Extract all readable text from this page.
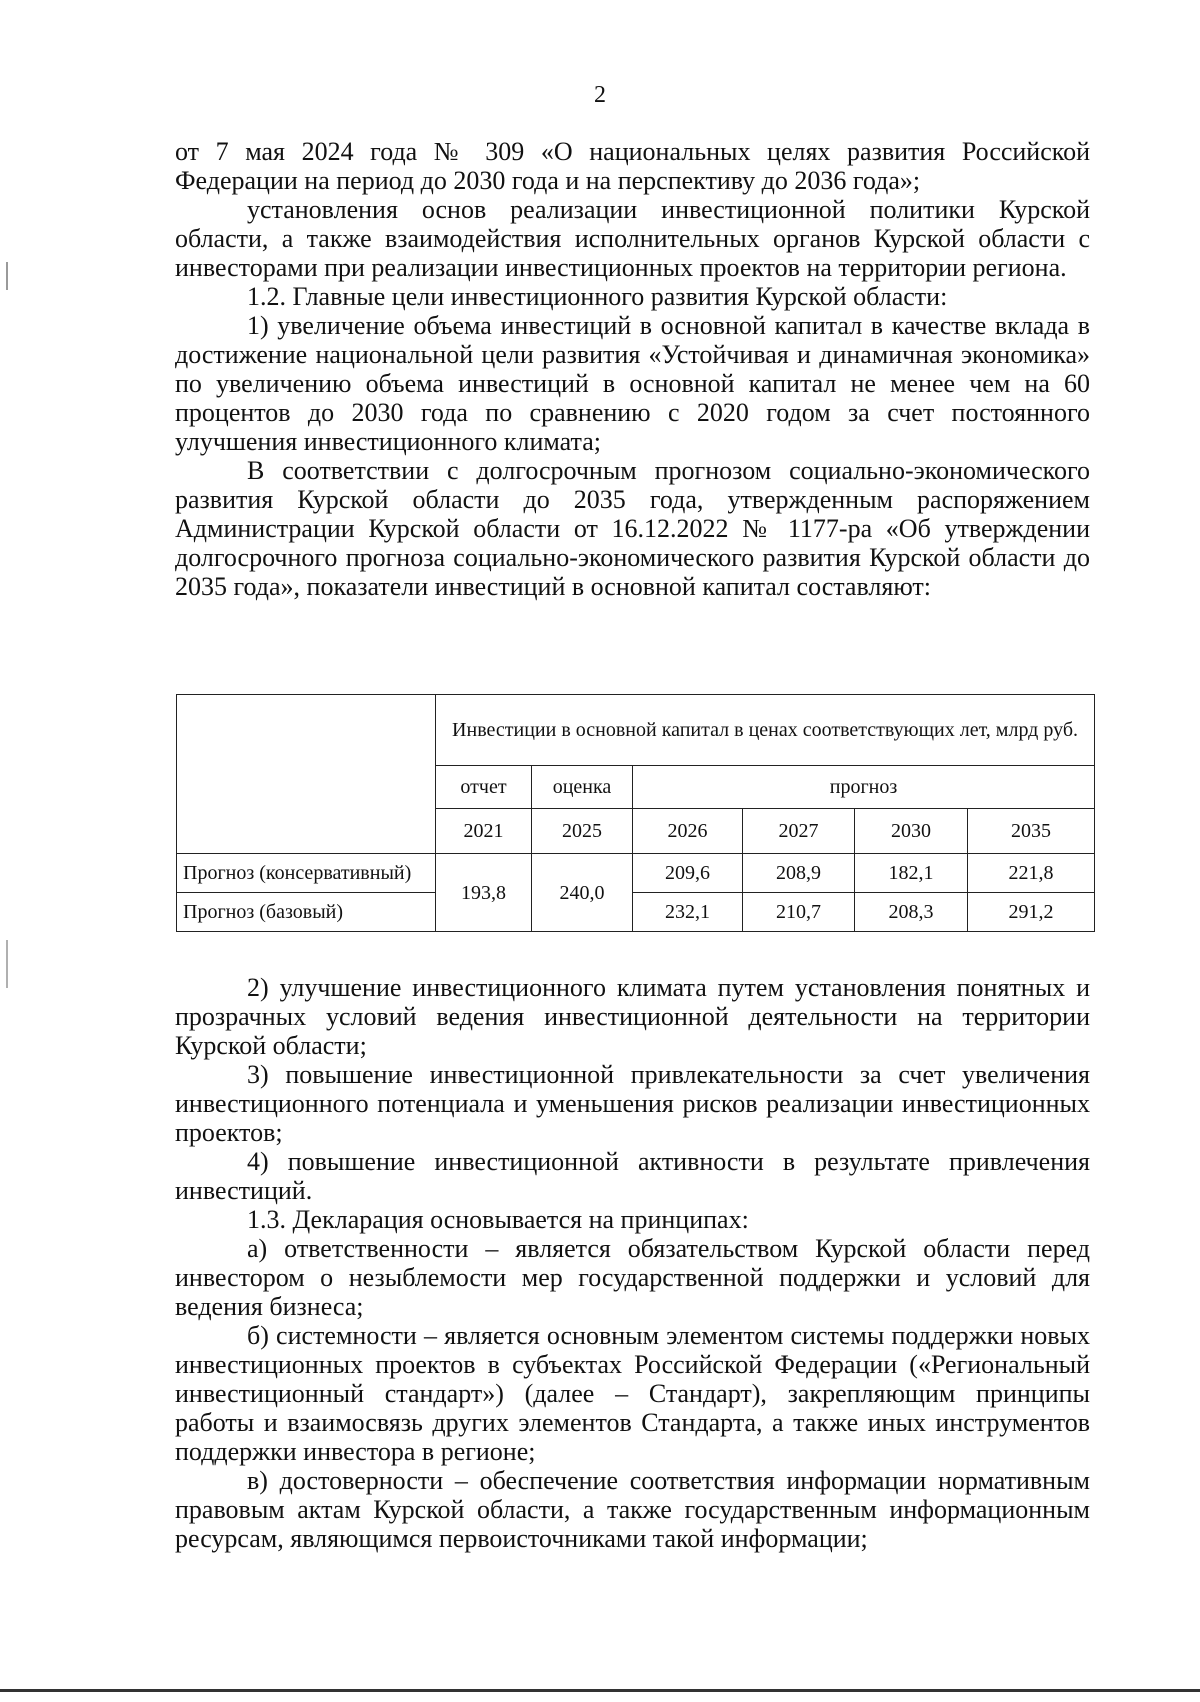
2

от 7 мая 2024 года № 309 «О национальных целях развития Российской Федерации на период до 2030 года и на перспективу до 2036 года»;

установления основ реализации инвестиционной политики Курской области, а также взаимодействия исполнительных органов Курской области с инвесторами при реализации инвестиционных проектов на территории региона.

1.2. Главные цели инвестиционного развития Курской области:

1) увеличение объема инвестиций в основной капитал в качестве вклада в достижение национальной цели развития «Устойчивая и динамичная экономика» по увеличению объема инвестиций в основной капитал не менее чем на 60 процентов до 2030 года по сравнению с 2020 годом за счет постоянного улучшения инвестиционного климата;

В соответствии с долгосрочным прогнозом социально-экономического развития Курской области до 2035 года, утвержденным распоряжением Администрации Курской области от 16.12.2022 № 1177-ра «Об утверждении долгосрочного прогноза социально-экономического развития Курской области до 2035 года», показатели инвестиций в основной капитал составляют:

	Инвестиции в основной капитал в ценах соответствующих лет, млрд руб.					
	отчет	оценка	прогноз			
	2021	2025	2026	2027	2030	2035
Прогноз (консервативный)	193,8	240,0	209,6	208,9	182,1	221,8
Прогноз (базовый)			232,1	210,7	208,3	291,2

2) улучшение инвестиционного климата путем установления понятных и прозрачных условий ведения инвестиционной деятельности на территории Курской области;

3) повышение инвестиционной привлекательности за счет увеличения инвестиционного потенциала и уменьшения рисков реализации инвестиционных проектов;

4) повышение инвестиционной активности в результате привлечения инвестиций.

1.3. Декларация основывается на принципах:

а) ответственности – является обязательством Курской области перед инвестором о незыблемости мер государственной поддержки и условий для ведения бизнеса;

б) системности – является основным элементом системы поддержки новых инвестиционных проектов в субъектах Российской Федерации («Региональный инвестиционный стандарт») (далее – Стандарт), закрепляющим принципы работы и взаимосвязь других элементов Стандарта, а также иных инструментов поддержки инвестора в регионе;

в) достоверности – обеспечение соответствия информации нормативным правовым актам Курской области, а также государственным информационным ресурсам, являющимся первоисточниками такой информации;
